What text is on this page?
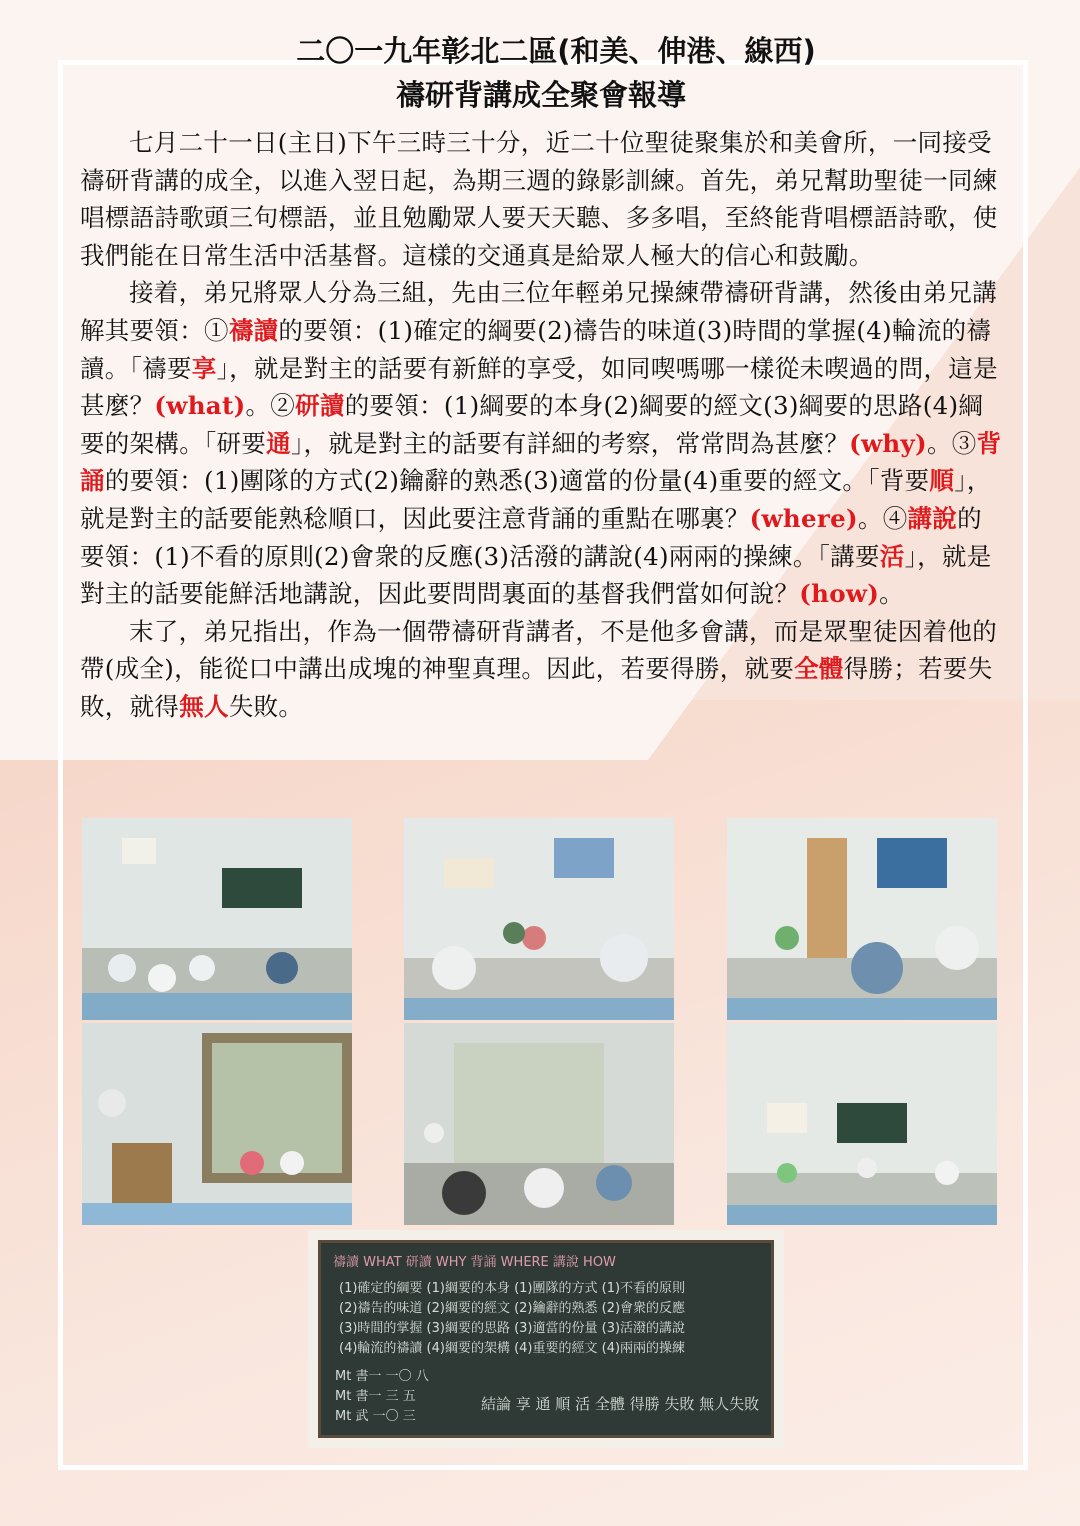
二〇一九年彰北二區(和美、伸港、線西)
禱研背講成全聚會報導

七月二十一日(主日)下午三時三十分，近二十位聖徒聚集於和美會所，一同接受禱研背講的成全，以進入翌日起，為期三週的錄影訓練。首先，弟兄幫助聖徒一同練唱標語詩歌頭三句標語，並且勉勵眾人要天天聽、多多唱，至終能背唱標語詩歌，使我們能在日常生活中活基督。這樣的交通真是給眾人極大的信心和鼓勵。

接着，弟兄將眾人分為三組，先由三位年輕弟兄操練帶禱研背講，然後由弟兄講解其要領：①禱讀的要領：(1)確定的綱要(2)禱告的味道(3)時間的掌握(4)輪流的禱讀。「禱要享」，就是對主的話要有新鮮的享受，如同喫嗎哪一樣從未喫過的問，這是甚麼？(what)。②研讀的要領：(1)綱要的本身(2)綱要的經文(3)綱要的思路(4)綱要的架構。「研要通」，就是對主的話要有詳細的考察，常常問為甚麼？(why)。③背誦的要領：(1)團隊的方式(2)鑰辭的熟悉(3)適當的份量(4)重要的經文。「背要順」，就是對主的話要能熟稔順口，因此要注意背誦的重點在哪裏？(where)。④講說的要領：(1)不看的原則(2)會衆的反應(3)活潑的講說(4)兩兩的操練。「講要活」，就是對主的話要能鮮活地講說，因此要問問裏面的基督我們當如何說？(how)。

末了，弟兄指出，作為一個帶禱研背講者，不是他多會講，而是眾聖徒因着他的帶(成全)，能從口中講出成塊的神聖真理。因此，若要得勝，就要全體得勝；若要失敗，就得無人失敗。

禱讀 WHAT 研讀 WHY 背誦 WHERE 講說 HOW
(1)確定的綱要 (1)綱要的本身 (1)團隊的方式 (1)不看的原則
(2)禱告的味道 (2)綱要的經文 (2)鑰辭的熟悉 (2)會衆的反應
(3)時間的掌握 (3)綱要的思路 (3)適當的份量 (3)活潑的講說
(4)輪流的禱讀 (4)綱要的架構 (4)重要的經文 (4)兩兩的操練
Mt 書一 一〇 八
Mt 書一 三 五
Mt 武 一〇 三
結論 享 通 順 活 全體 得勝 失敗 無人失敗
